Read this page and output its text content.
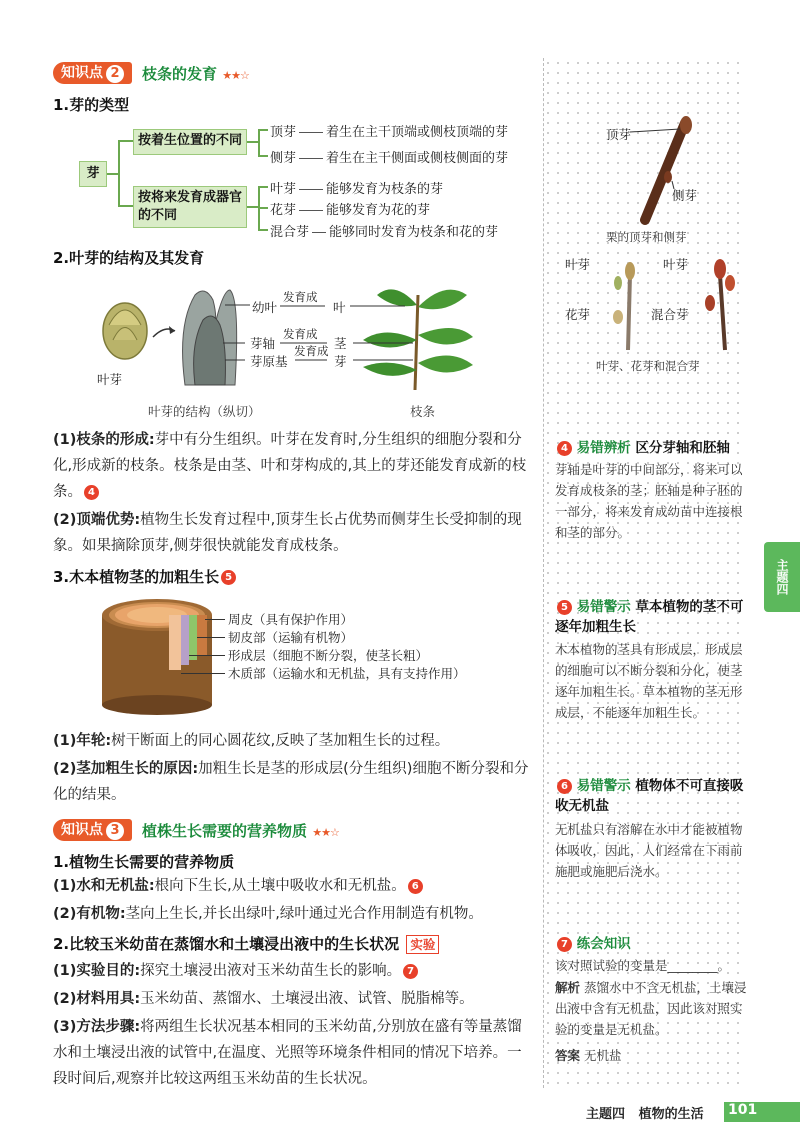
知识点 2	枝条的发育 ★★☆
1.芽的类型
芽
按着生位置的不同
按将来发育成器官的不同
顶芽 着生在主干顶端或侧枝顶端的芽
侧芽 着生在主干侧面或侧枝侧面的芽
叶芽 能够发育为枝条的芽
花芽 能够发育为花的芽
混合芽 能够同时发育为枝条和花的芽
2.叶芽的结构及其发育
叶芽
幼叶
发育成
叶
芽轴
发育成
茎
芽原基
发育成
芽
叶芽的结构（纵切）	枝条
(1)枝条的形成:芽中有分生组织。叶芽在发育时,分生组织的细胞分裂和分化,形成新的枝条。枝条是由茎、叶和芽构成的,其上的芽还能发育成新的枝条。 4
(2)顶端优势:植物生长发育过程中,顶芽生长占优势而侧芽生长受抑制的现象。如果摘除顶芽,侧芽很快就能发育成枝条。
3.木本植物茎的加粗生长 5
周皮（具有保护作用）
韧皮部（运输有机物）
形成层（细胞不断分裂，使茎长粗）
木质部（运输水和无机盐，具有支持作用）
(1)年轮:树干断面上的同心圆花纹,反映了茎加粗生长的过程。
(2)茎加粗生长的原因:加粗生长是茎的形成层(分生组织)细胞不断分裂和分化的结果。
知识点 3	植株生长需要的营养物质 ★★☆
1.植物生长需要的营养物质
(1)水和无机盐:根向下生长,从土壤中吸收水和无机盐。 6
(2)有机物:茎向上生长,并长出绿叶,绿叶通过光合作用制造有机物。
2.比较玉米幼苗在蒸馏水和土壤浸出液中的生长状况 实验
(1)实验目的:探究土壤浸出液对玉米幼苗生长的影响。 7
(2)材料用具:玉米幼苗、蒸馏水、土壤浸出液、试管、脱脂棉等。
(3)方法步骤:将两组生长状况基本相同的玉米幼苗,分别放在盛有等量蒸馏水和土壤浸出液的试管中,在温度、光照等环境条件相同的情况下培养。一段时间后,观察并比较这两组玉米幼苗的生长状况。
顶芽
侧芽
栗的顶芽和侧芽
叶芽	叶芽
花芽	混合芽
叶芽、花芽和混合芽
4 易错辨析 区分芽轴和胚轴
芽轴是叶芽的中间部分，将来可以发育成枝条的茎；胚轴是种子胚的一部分，将来发育成幼苗中连接根和茎的部分。
5 易错警示 草本植物的茎不可逐年加粗生长
木本植物的茎具有形成层，形成层的细胞可以不断分裂和分化，使茎逐年加粗生长。草本植物的茎无形成层，不能逐年加粗生长。
6 易错警示 植物体不可直接吸收无机盐
无机盐只有溶解在水中才能被植物体吸收，因此，人们经常在下雨前施肥或施肥后浇水。
7 练会知识
该对照试验的变量是________。
解析 蒸馏水中不含无机盐，土壤浸出液中含有无机盐，因此该对照实验的变量是无机盐。
答案 无机盐
主题四
主题四 植物的生活 101
